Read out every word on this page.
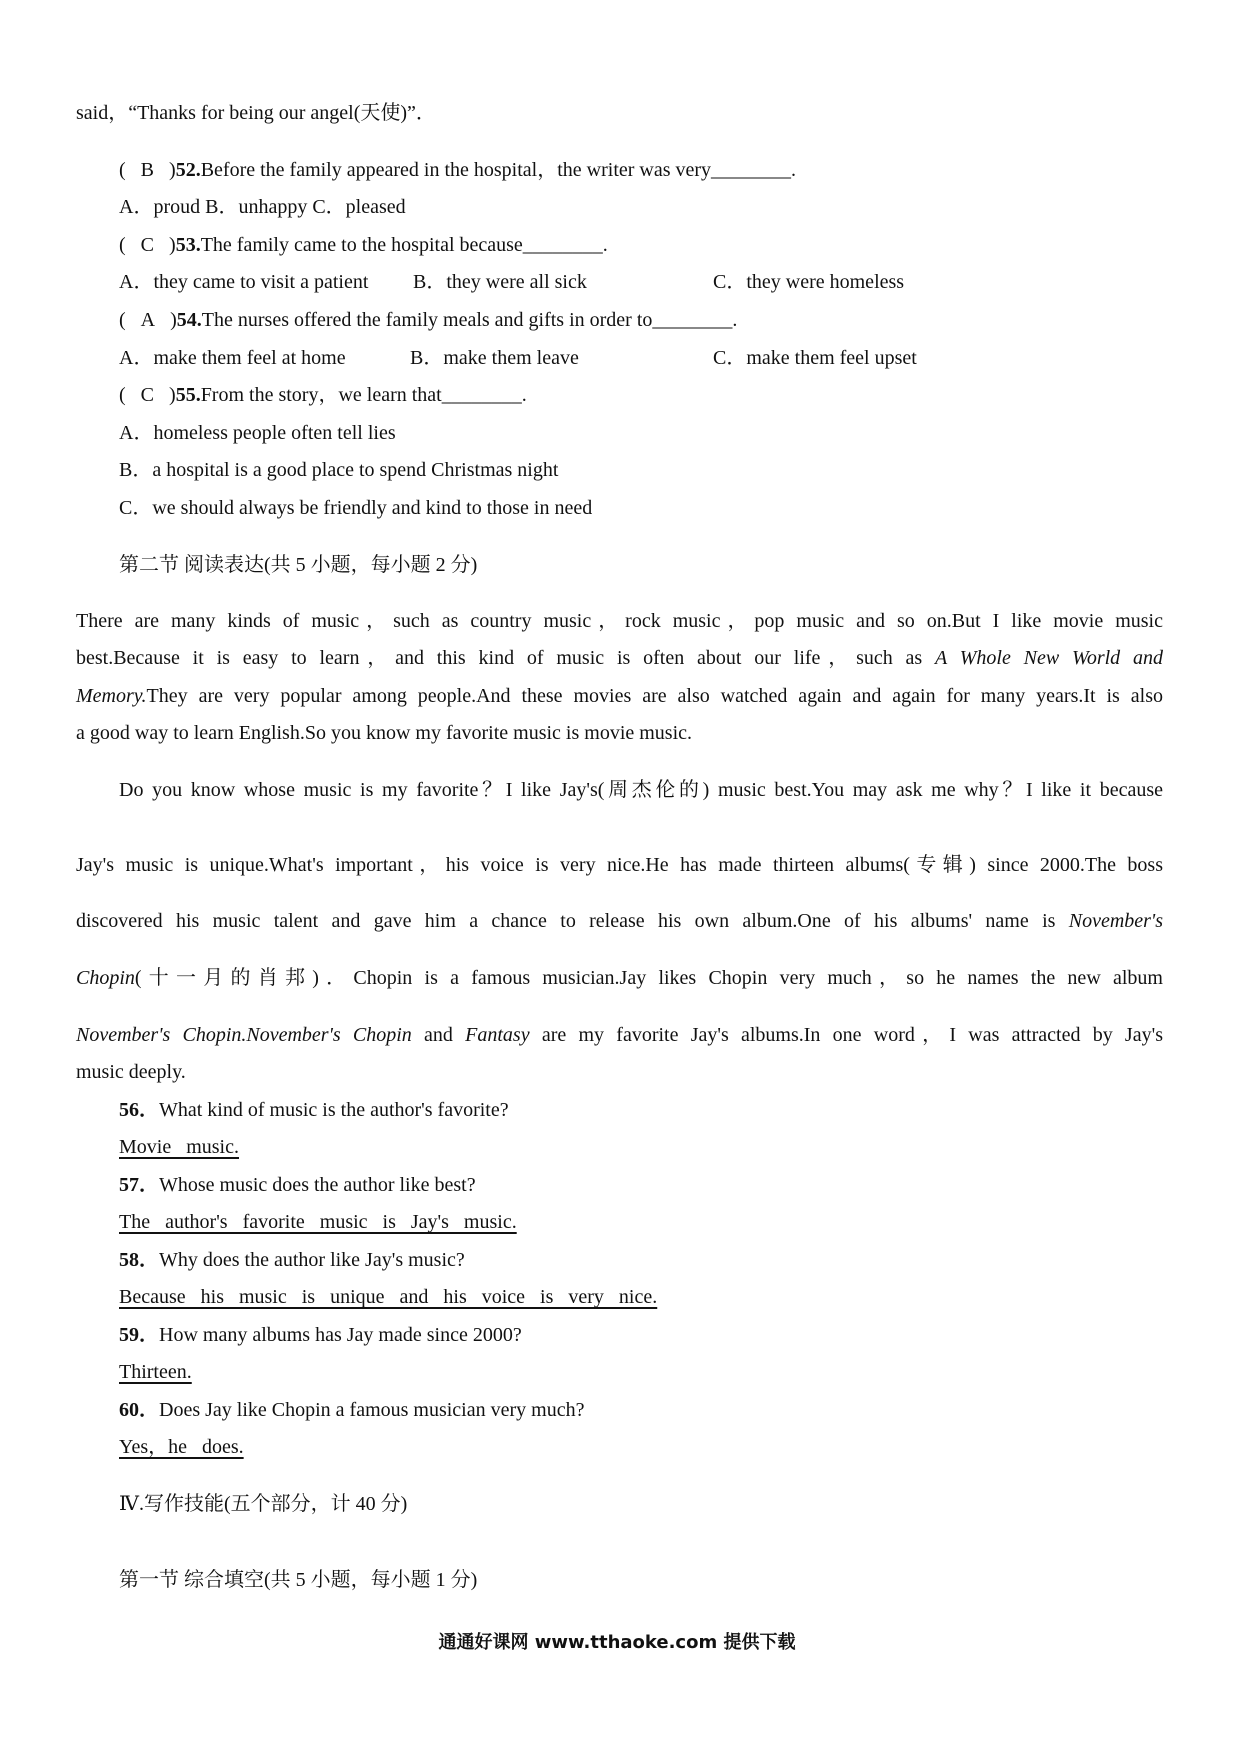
said，“Thanks for being our angel(天使)”．
(   B   )52.Before the family appeared in the hospital，the writer was very________.
A．proud B．unhappy C．pleased
(   C   )53.The family came to the hospital because________.
A．they came to visit a patient B．they were all sick	C．they were homeless
(   A   )54.The nurses offered the family meals and gifts in order to________.
A．make them feel at home	B．make them leave	C．make them feel upset
(   C   )55.From the story，we learn that________.
A．homeless people often tell lies
B．a hospital is a good place to spend Christmas night
C．we should always be friendly and kind to those in need
第二节 阅读表达(共 5 小题，每小题 2 分)
There are many kinds of music，such as country music，rock music，pop music and so on.But I like movie music
best.Because it is easy to learn，and this kind of music is often about our life，such as A Whole New World and
Memory.They are very popular among people.And these movies are also watched again and again for many years.It is also
a good way to learn English.So you know my favorite music is movie music.
Do you know whose music is my favorite？I like Jay's(周杰伦的) music best.You may ask me why？I like it because
Jay's music is unique.What's important，his voice is very nice.He has made thirteen albums(专辑) since 2000.The boss
discovered his music talent and gave him a chance to release his own album.One of his albums' name is November's
Chopin(十一月的肖邦)．Chopin is a famous musician.Jay likes Chopin very much，so he names the new album
November's Chopin.November's Chopin and Fantasy are my favorite Jay's albums.In one word，I was attracted by Jay's
music deeply.
56．What kind of music is the author's favorite?
Movie music.
57．Whose music does the author like best?
The author's favorite music is Jay's music.
58．Why does the author like Jay's music?
Because his music is unique and his voice is very nice.
59．How many albums has Jay made since 2000?
Thirteen.
60．Does Jay like Chopin a famous musician very much?
Yes，he does.
Ⅳ.写作技能(五个部分，计 40 分)
第一节 综合填空(共 5 小题，每小题 1 分)
通通好课网 www.tthaoke.com 提供下载
